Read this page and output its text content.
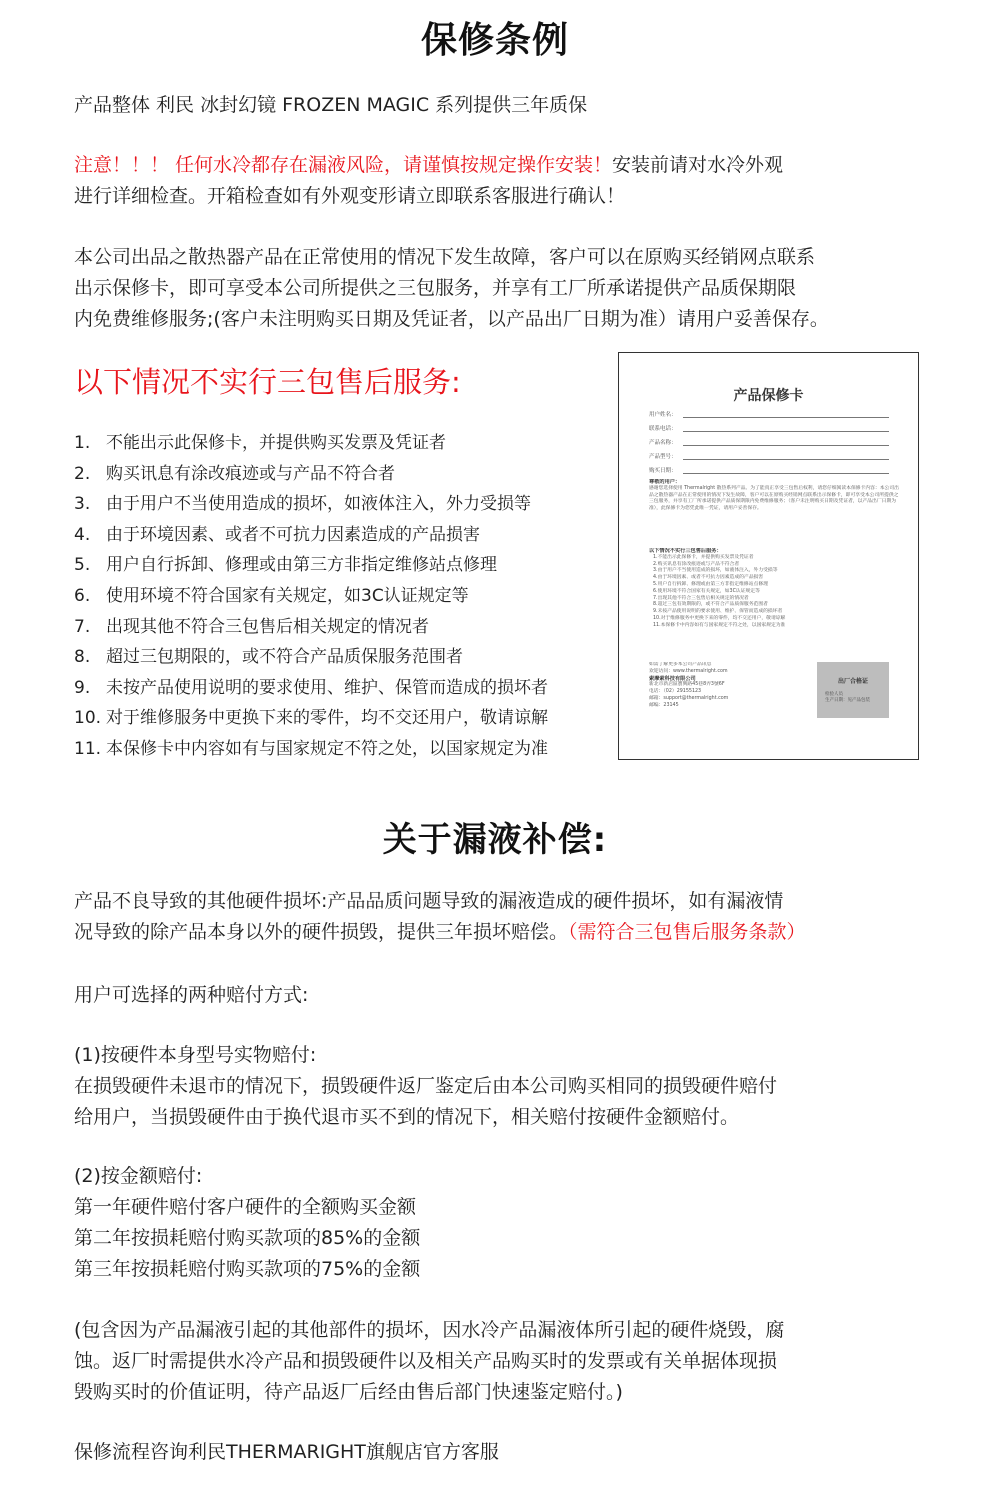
保修条例
产品整体 利民 冰封幻镜 FROZEN MAGIC 系列提供三年质保
注意！！！ 任何水冷都存在漏液风险，请谨慎按规定操作安装！安装前请对水冷外观
进行详细检查。开箱检查如有外观变形请立即联系客服进行确认！
本公司出品之散热器产品在正常使用的情况下发生故障，客户可以在原购买经销网点联系
出示保修卡，即可享受本公司所提供之三包服务，并享有工厂所承诺提供产品质保期限
内免费维修服务;(客户未注明购买日期及凭证者，以产品出厂日期为准）请用户妥善保存。
以下情况不实行三包售后服务:
1. 不能出示此保修卡，并提供购买发票及凭证者
2. 购买讯息有涂改痕迹或与产品不符合者
3. 由于用户不当使用造成的损坏，如液体注入，外力受损等
4. 由于环境因素、或者不可抗力因素造成的产品损害
5. 用户自行拆卸、修理或由第三方非指定维修站点修理
6. 使用环境不符合国家有关规定，如3C认证规定等
7. 出现其他不符合三包售后相关规定的情况者
8. 超过三包期限的，或不符合产品质保服务范围者
9. 未按产品使用说明的要求使用、维护、保管而造成的损坏者
10. 对于维修服务中更换下来的零件，均不交还用户，敬请谅解
11. 本保修卡中内容如有与国家规定不符之处，以国家规定为准
产品保修卡
用户姓名：
联系电话：
产品名称：
产品型号：
购买日期：
尊敬的用户：
感谢您选择使用 Thermalright 散热系列产品。为了能真正享受三包售后权利，请您仔细阅读本保修卡内容：本公司出品之散热器产品在正常使用的情况下发生故障，客户可以在原购买经销网点联系出示保修卡，即可享受本公司所提供之三包服务，并享有工厂所承诺提供产品质保期限内免费维修服务；（客户未注明购买日期及凭证者，以产品出厂日期为准），此保修卡为您凭此唯一凭证，请用户妥善保存。
以下情况不实行三包售后服务：
1.不能出示此保修卡，并提供购买发票及凭证者
2.购买讯息有涂改痕迹或与产品不符合者
3.由于用户不当使用造成的损坏，如液体注入，外力受损等
4.由于环境因素、或者不可抗力因素造成的产品损害
5.用户自行拆卸、修理或由第三方非指定维修站点修理
6.使用环境不符合国家有关规定，如3C认证规定等
7.出现其他不符合三包售后相关规定的情况者
8.超过三包有效期限的，或不符合产品质保服务范围者
9.未按产品使用说明的要求使用、维护、保管而造成的损坏者
10.对于维修服务中更换下来的零件，均不交还用户，敬请谅解
11.本保修卡中内容如有与国家规定不符之处，以国家规定为准
如需了解更多本公司产品讯息
欢迎访问：www.thermalright.com
索摩索科技有限公司
新北市新店區寶興路45巷8弄3號6F
电话：（02）29155123
邮箱：support@thermalright.com
邮编：23145
出厂合格证
检验人员
生产日期：见产品包装
关于漏液补偿:
产品不良导致的其他硬件损坏:产品品质问题导致的漏液造成的硬件损坏，如有漏液情
况导致的除产品本身以外的硬件损毁，提供三年损坏赔偿。（需符合三包售后服务条款）
用户可选择的两种赔付方式:
(1)按硬件本身型号实物赔付:
在损毁硬件未退市的情况下，损毁硬件返厂鉴定后由本公司购买相同的损毁硬件赔付
给用户，当损毁硬件由于换代退市买不到的情况下，相关赔付按硬件金额赔付。
(2)按金额赔付:
第一年硬件赔付客户硬件的全额购买金额
第二年按损耗赔付购买款项的85%的金额
第三年按损耗赔付购买款项的75%的金额
(包含因为产品漏液引起的其他部件的损坏，因水冷产品漏液体所引起的硬件烧毁，腐
蚀。返厂时需提供水冷产品和损毁硬件以及相关产品购买时的发票或有关单据体现损
毁购买时的价值证明，待产品返厂后经由售后部门快速鉴定赔付。)
保修流程咨询利民THERMARIGHT旗舰店官方客服
